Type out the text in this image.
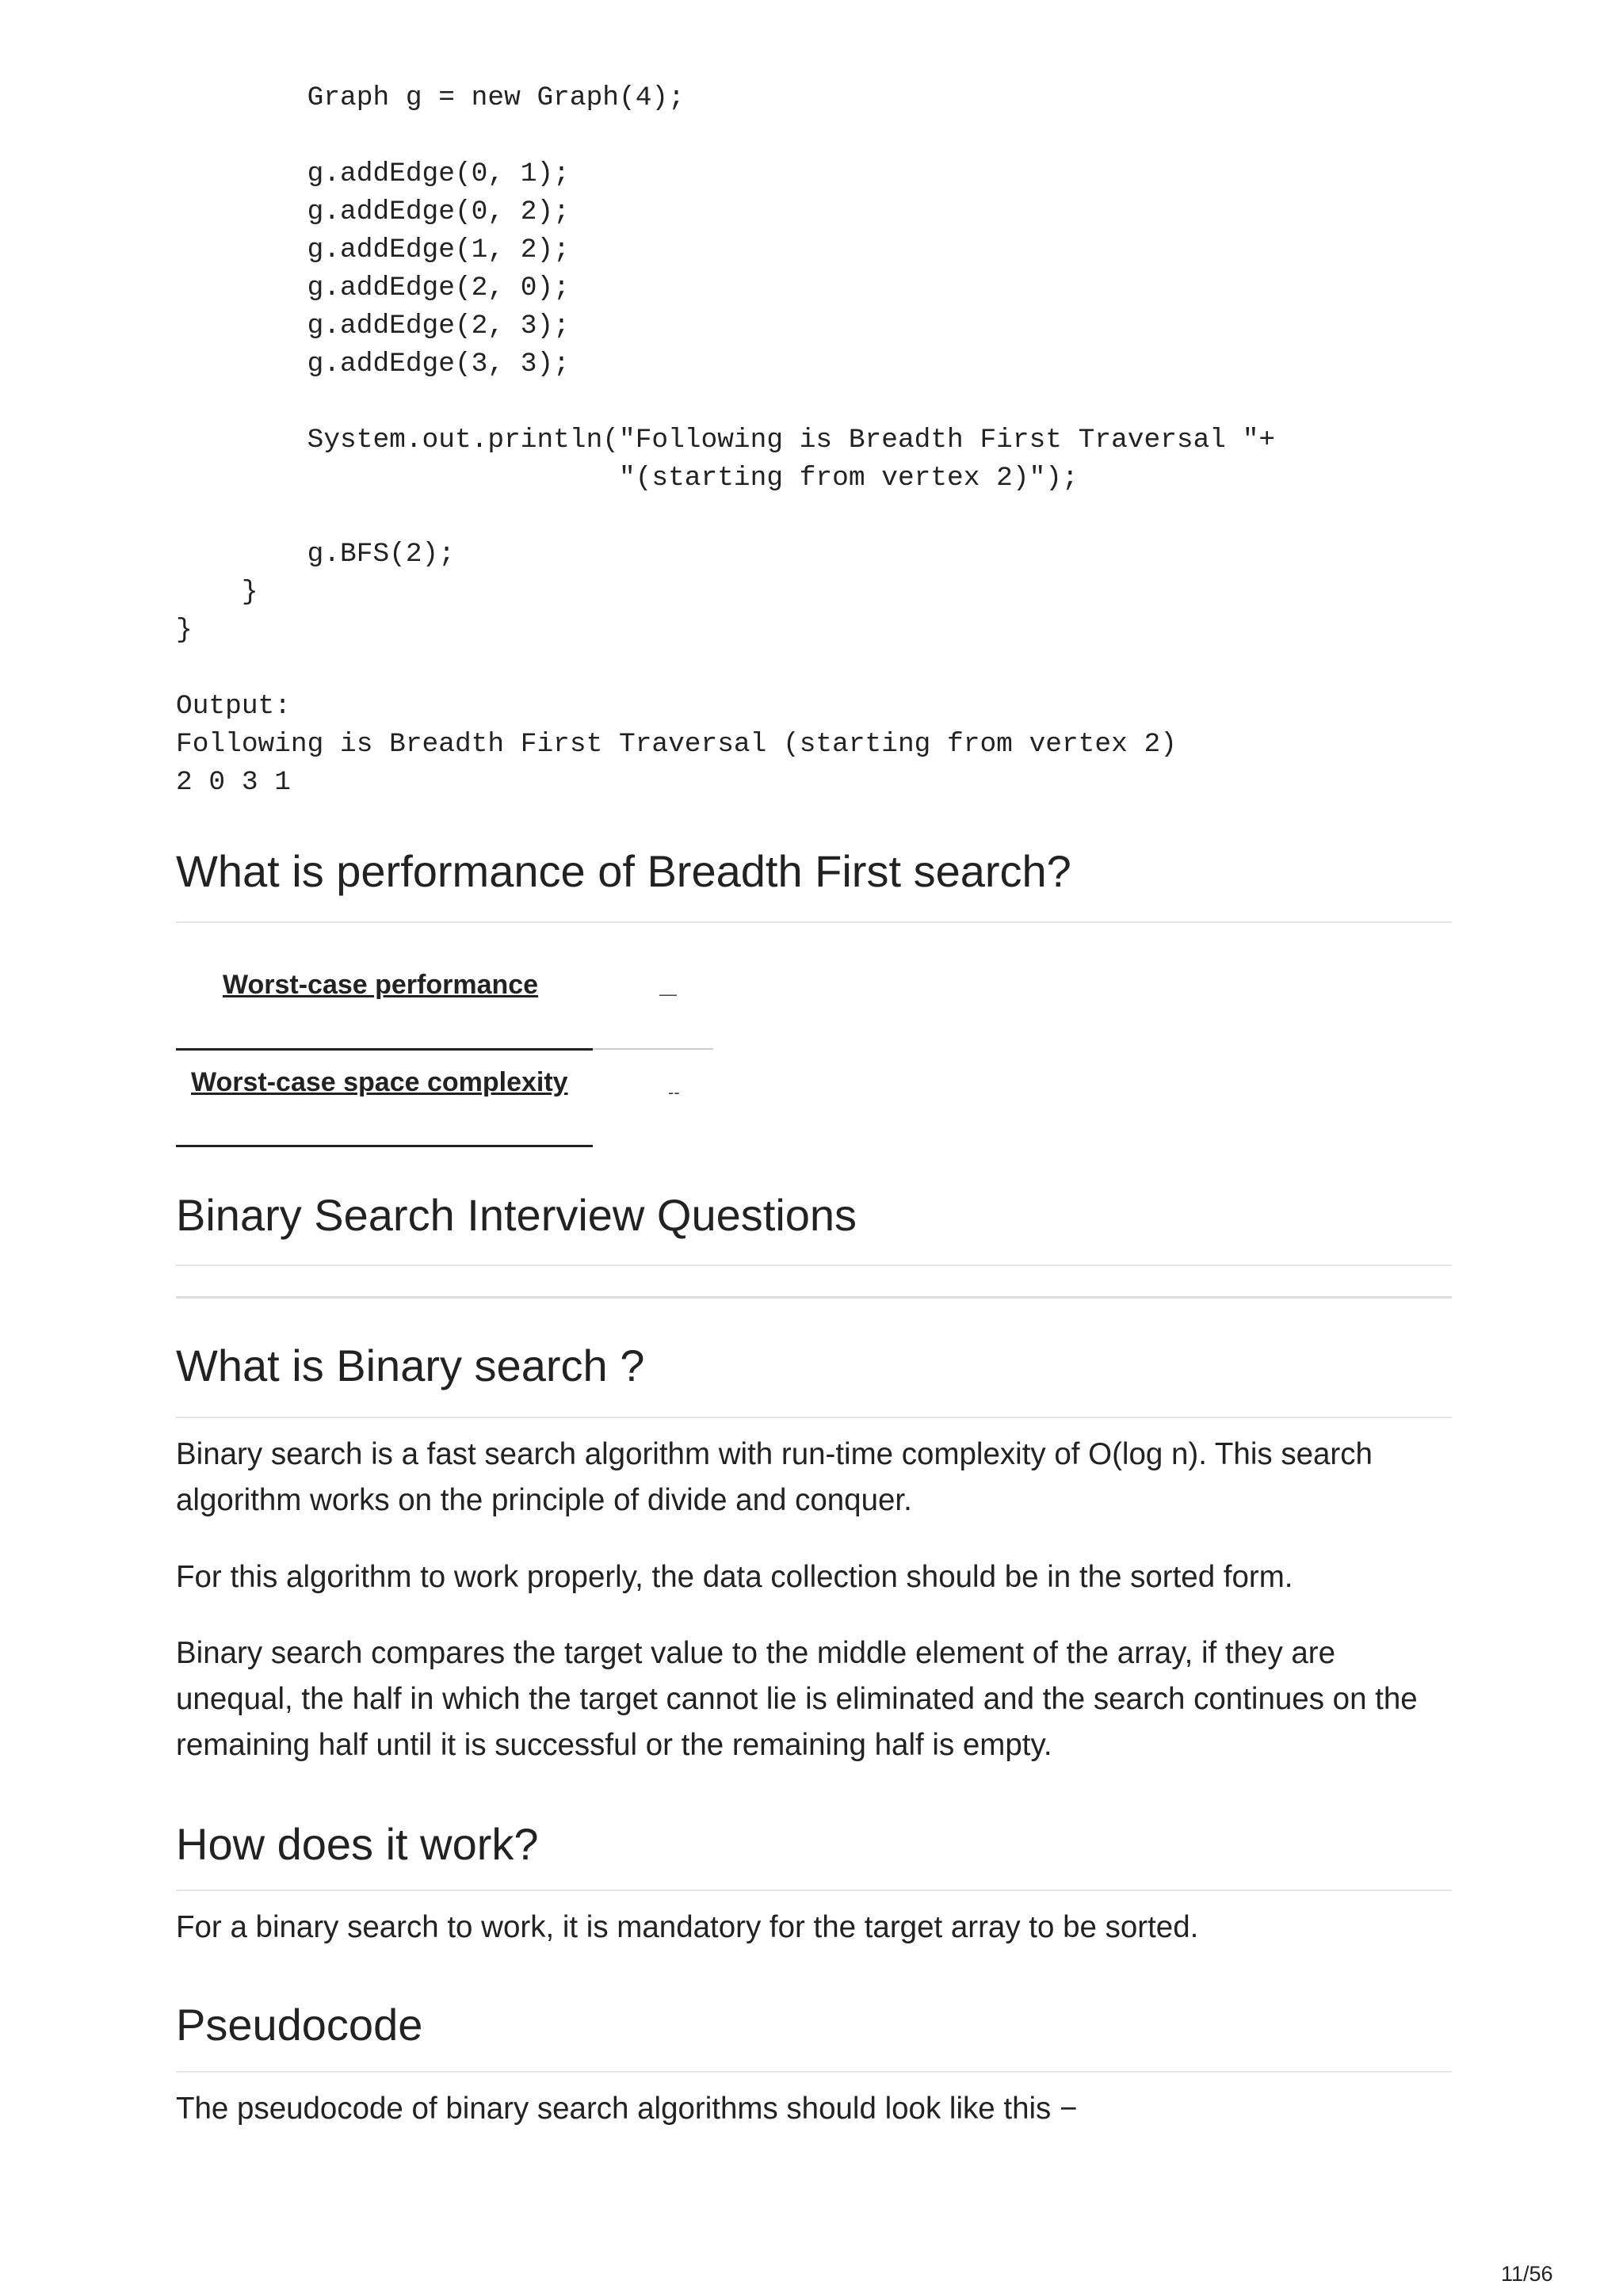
Graph g = new Graph(4);

g.addEdge(0, 1);
g.addEdge(0, 2);
g.addEdge(1, 2);
g.addEdge(2, 0);
g.addEdge(2, 3);
g.addEdge(3, 3);

System.out.println("Following is Breadth First Traversal "+
"(starting from vertex 2)");

g.BFS(2);
}
}

Output:
Following is Breadth First Traversal (starting from vertex 2)
2 0 3 1
What is performance of Breadth First search?
Worst-case performance	—
Worst-case space complexity	--
Binary Search Interview Questions
What is Binary search ?

Binary search is a fast search algorithm with run-time complexity of O(log n). This search algorithm works on the principle of divide and conquer.

For this algorithm to work properly, the data collection should be in the sorted form.

Binary search compares the target value to the middle element of the array, if they are unequal, the half in which the target cannot lie is eliminated and the search continues on the remaining half until it is successful or the remaining half is empty.

How does it work?

For a binary search to work, it is mandatory for the target array to be sorted.

Pseudocode

The pseudocode of binary search algorithms should look like this −

11/56
